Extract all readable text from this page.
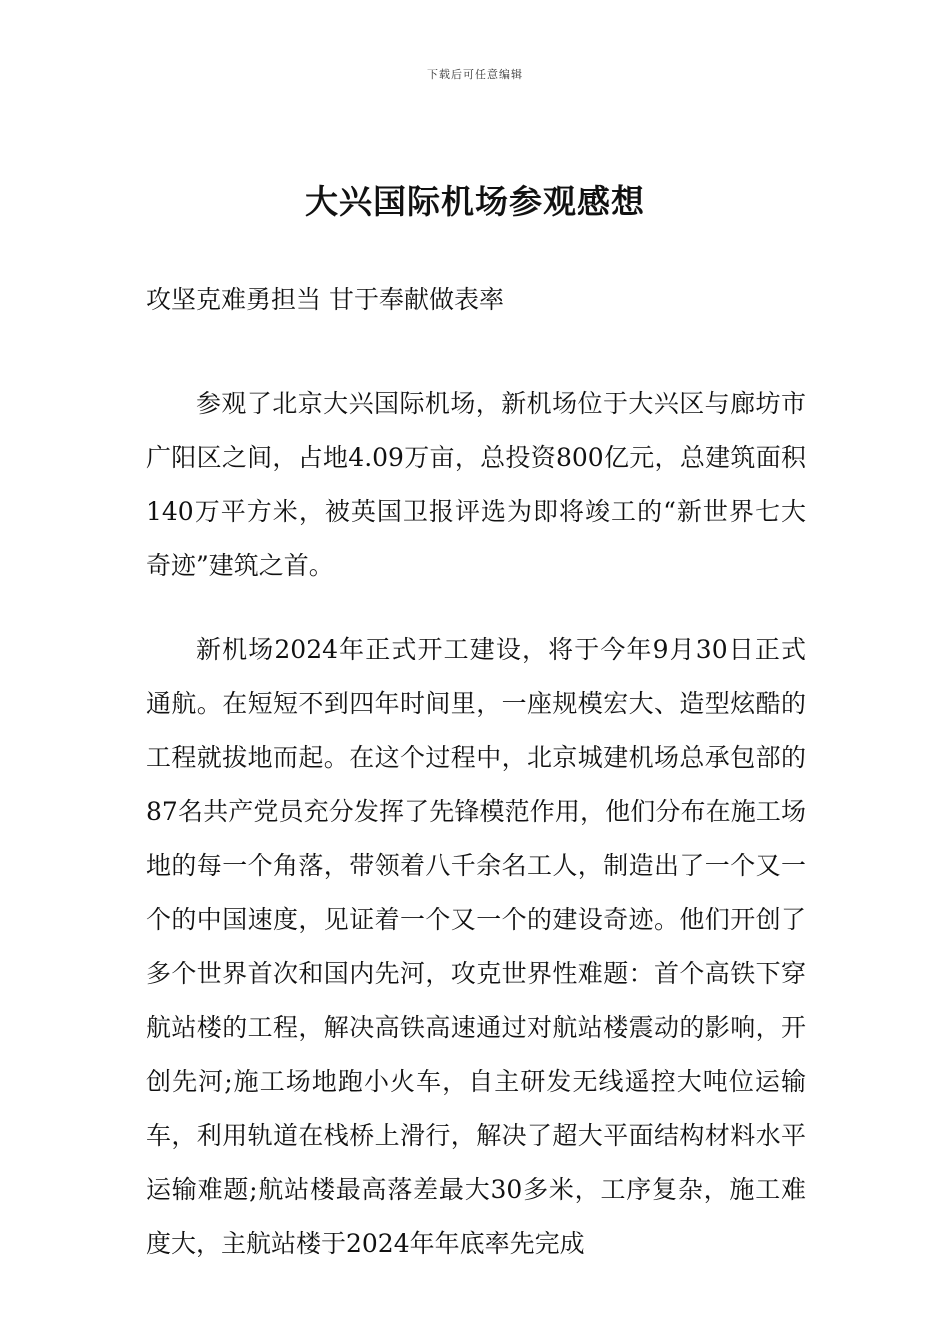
下载后可任意编辑
大兴国际机场参观感想

攻坚克难勇担当 甘于奉献做表率

参观了北京大兴国际机场，新机场位于大兴区与廊坊市广阳区之间，占地4.09万亩，总投资800亿元，总建筑面积140万平方米，被英国卫报评选为即将竣工的“新世界七大奇迹”建筑之首。

新机场2024年正式开工建设，将于今年9月30日正式通航。在短短不到四年时间里，一座规模宏大、造型炫酷的工程就拔地而起。在这个过程中，北京城建机场总承包部的87名共产党员充分发挥了先锋模范作用，他们分布在施工场地的每一个角落，带领着八千余名工人，制造出了一个又一个的中国速度，见证着一个又一个的建设奇迹。他们开创了多个世界首次和国内先河，攻克世界性难题：首个高铁下穿航站楼的工程，解决高铁高速通过对航站楼震动的影响，开创先河;施工场地跑小火车，自主研发无线遥控大吨位运输车，利用轨道在栈桥上滑行，解决了超大平面结构材料水平运输难题;航站楼最高落差最大30多米，工序复杂，施工难度大，主航站楼于2024年年底率先完成
